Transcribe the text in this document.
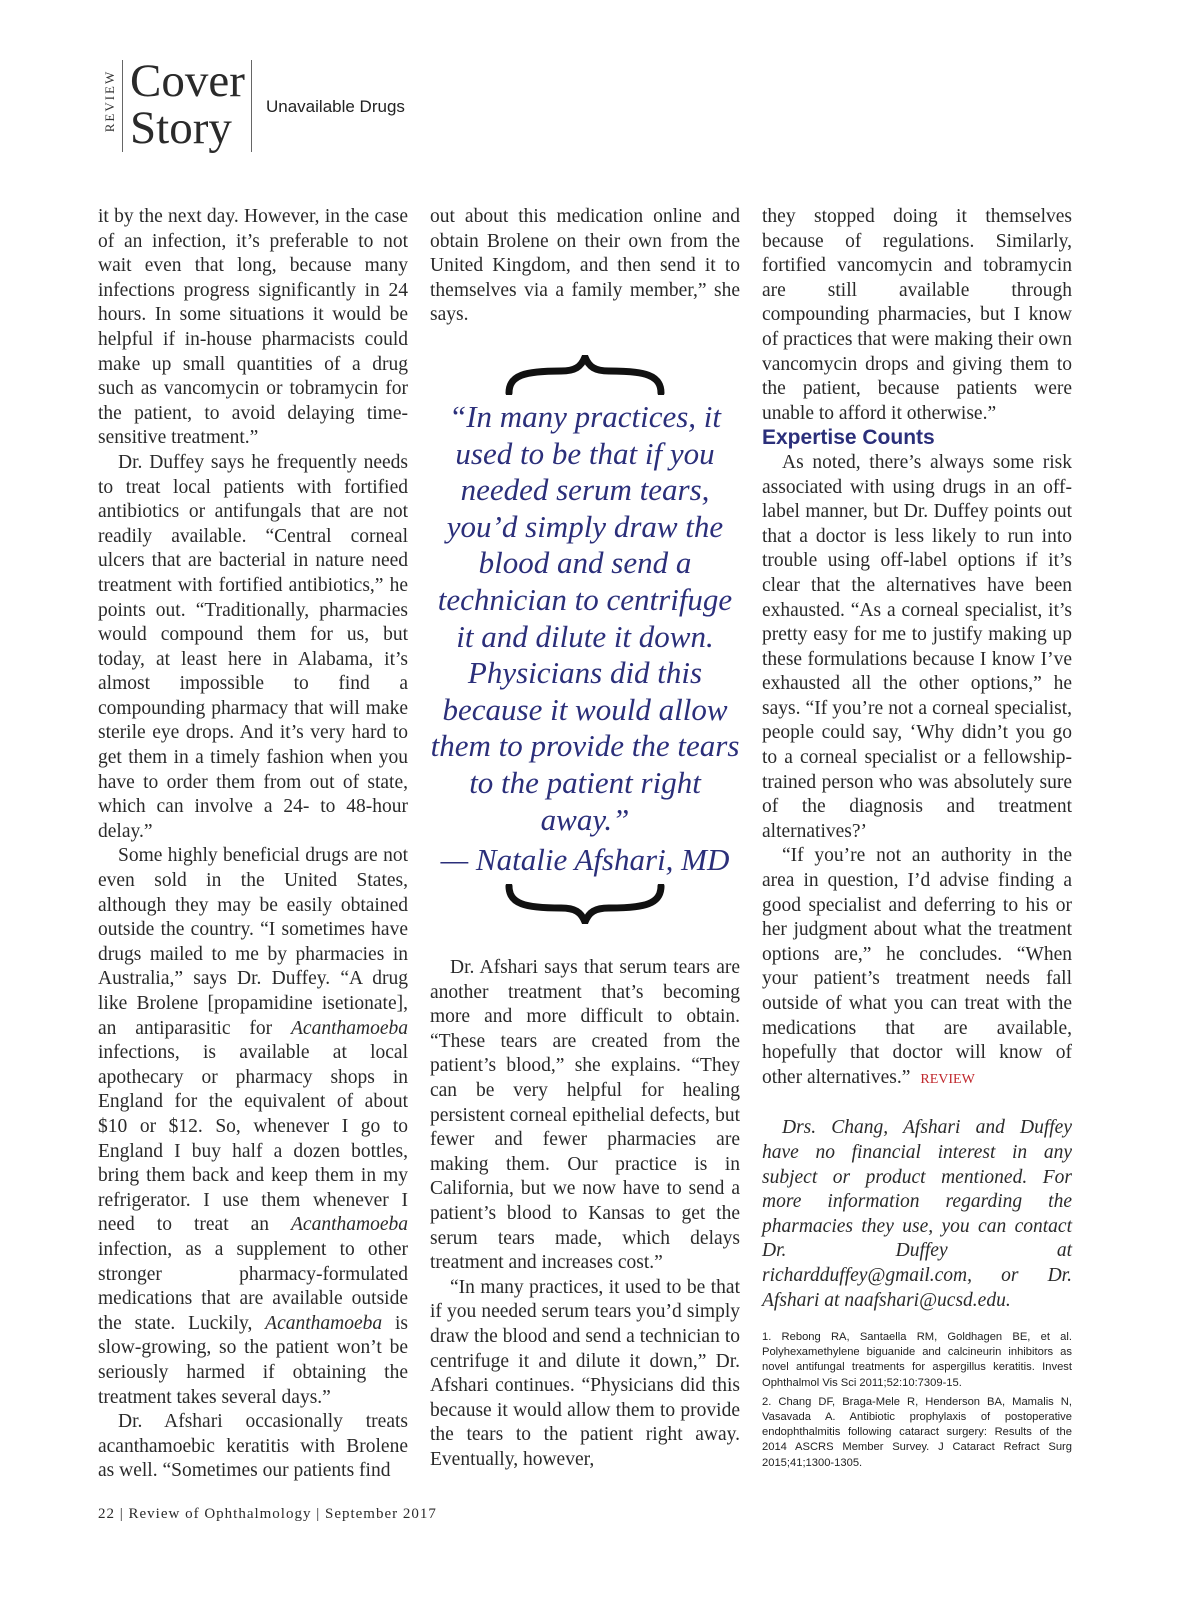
REVIEW Cover
Story	Unavailable Drugs

it by the next day. However, in the case of an infection, it’s preferable to not wait even that long, because many infections progress significantly in 24 hours. In some situations it would be helpful if in-house pharmacists could make up small quantities of a drug such as vancomycin or tobramycin for the patient, to avoid delaying time-sensitive treatment.”

Dr. Duffey says he frequently needs to treat local patients with fortified antibiotics or antifungals that are not readily available. “Central corneal ulcers that are bacterial in nature need treatment with fortified antibiotics,” he points out. “Traditionally, pharmacies would compound them for us, but today, at least here in Alabama, it’s almost impossible to find a compounding pharmacy that will make sterile eye drops. And it’s very hard to get them in a timely fashion when you have to order them from out of state, which can involve a 24- to 48-hour delay.”

Some highly beneficial drugs are not even sold in the United States, although they may be easily obtained outside the country. “I sometimes have drugs mailed to me by pharmacies in Australia,” says Dr. Duffey. “A drug like Brolene [propamidine isetionate], an antiparasitic for Acanthamoeba infections, is available at local apothecary or pharmacy shops in England for the equivalent of about $10 or $12. So, whenever I go to England I buy half a dozen bottles, bring them back and keep them in my refrigerator. I use them whenever I need to treat an Acanthamoeba infection, as a supplement to other stronger pharmacy-formulated medications that are available outside the state. Luckily, Acanthamoeba is slow-growing, so the patient won’t be seriously harmed if obtaining the treatment takes several days.”

Dr. Afshari occasionally treats acanthamoebic keratitis with Brolene as well. “Sometimes our patients find

out about this medication online and obtain Brolene on their own from the United Kingdom, and then send it to themselves via a family member,” she says.

“In many practices, it used to be that if you needed serum tears, you’d simply draw the blood and send a technician to centrifuge it and dilute it down. Physicians did this because it would allow them to provide the tears to the patient right away.”
— Natalie Afshari, MD

Dr. Afshari says that serum tears are another treatment that’s becoming more and more difficult to obtain. “These tears are created from the patient’s blood,” she explains. “They can be very helpful for healing persistent corneal epithelial defects, but fewer and fewer pharmacies are making them. Our practice is in California, but we now have to send a patient’s blood to Kansas to get the serum tears made, which delays treatment and increases cost.”

“In many practices, it used to be that if you needed serum tears you’d simply draw the blood and send a technician to centrifuge it and dilute it down,” Dr. Afshari continues. “Physicians did this because it would allow them to provide the tears to the patient right away. Eventually, however,

they stopped doing it themselves because of regulations. Similarly, fortified vancomycin and tobramycin are still available through compounding pharmacies, but I know of practices that were making their own vancomycin drops and giving them to the patient, because patients were unable to afford it otherwise.”

Expertise Counts

As noted, there’s always some risk associated with using drugs in an off-label manner, but Dr. Duffey points out that a doctor is less likely to run into trouble using off-label options if it’s clear that the alternatives have been exhausted. “As a corneal specialist, it’s pretty easy for me to justify making up these formulations because I know I’ve exhausted all the other options,” he says. “If you’re not a corneal specialist, people could say, ‘Why didn’t you go to a corneal specialist or a fellowship-trained person who was absolutely sure of the diagnosis and treatment alternatives?’

“If you’re not an authority in the area in question, I’d advise finding a good specialist and deferring to his or her judgment about what the treatment options are,” he concludes. “When your patient’s treatment needs fall outside of what you can treat with the medications that are available, hopefully that doctor will know of other alternatives.” REVIEW

Drs. Chang, Afshari and Duffey have no financial interest in any subject or product mentioned. For more information regarding the pharmacies they use, you can contact Dr. Duffey at richardduffey@gmail.com, or Dr. Afshari at naafshari@ucsd.edu.

1. Rebong RA, Santaella RM, Goldhagen BE, et al. Polyhexamethylene biguanide and calcineurin inhibitors as novel antifungal treatments for aspergillus keratitis. Invest Ophthalmol Vis Sci 2011;52:10:7309-15.
2. Chang DF, Braga-Mele R, Henderson BA, Mamalis N, Vasavada A. Antibiotic prophylaxis of postoperative endophthalmitis following cataract surgery: Results of the 2014 ASCRS Member Survey. J Cataract Refract Surg 2015;41;1300-1305.
22 | Review of Ophthalmology | September 2017
